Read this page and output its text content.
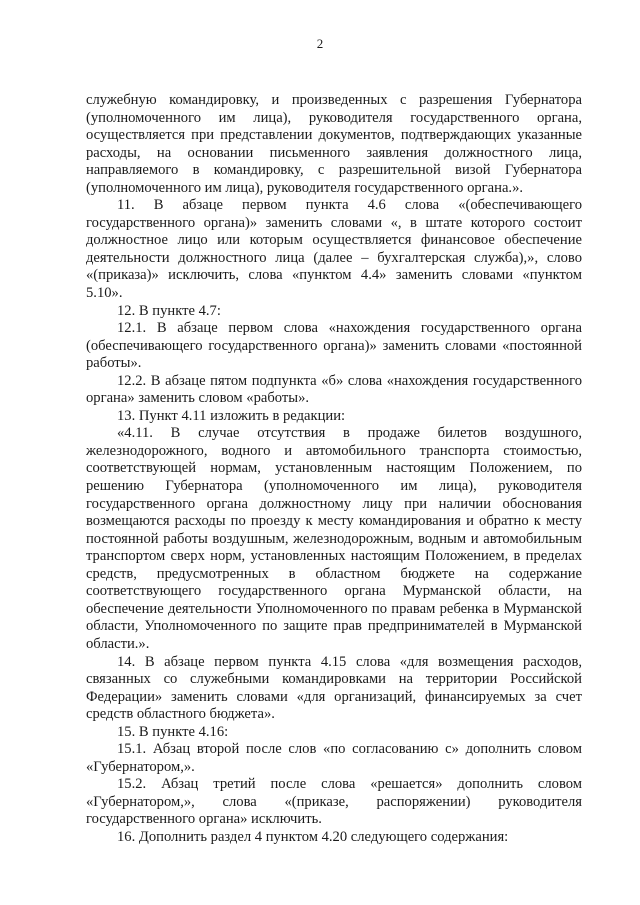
2

служебную командировку, и произведенных с разрешения Губернатора (уполномоченного им лица), руководителя государственного органа, осуществляется при представлении документов, подтверждающих указанные расходы, на основании письменного заявления должностного лица, направляемого в командировку, с разрешительной визой Губернатора (уполномоченного им лица), руководителя государственного органа.».

11. В абзаце первом пункта 4.6 слова «(обеспечивающего государственного органа)» заменить словами «, в штате которого состоит должностное лицо или которым осуществляется финансовое обеспечение деятельности должностного лица (далее – бухгалтерская служба),», слово «(приказа)» исключить, слова «пунктом 4.4» заменить словами «пунктом 5.10».

12. В пункте 4.7:

12.1. В абзаце первом слова «нахождения государственного органа (обеспечивающего государственного органа)» заменить словами «постоянной работы».

12.2. В абзаце пятом подпункта «б» слова «нахождения государственного органа» заменить словом «работы».

13. Пункт 4.11 изложить в редакции:

«4.11. В случае отсутствия в продаже билетов воздушного, железнодорожного, водного и автомобильного транспорта стоимостью, соответствующей нормам, установленным настоящим Положением, по решению Губернатора (уполномоченного им лица), руководителя государственного органа должностному лицу при наличии обоснования возмещаются расходы по проезду к месту командирования и обратно к месту постоянной работы воздушным, железнодорожным, водным и автомобильным транспортом сверх норм, установленных настоящим Положением, в пределах средств, предусмотренных в областном бюджете на содержание соответствующего государственного органа Мурманской области, на обеспечение деятельности Уполномоченного по правам ребенка в Мурманской области, Уполномоченного по защите прав предпринимателей в Мурманской области.».

14. В абзаце первом пункта 4.15 слова «для возмещения расходов, связанных со служебными командировками на территории Российской Федерации» заменить словами «для организаций, финансируемых за счет средств областного бюджета».

15. В пункте 4.16:

15.1. Абзац второй после слов «по согласованию с» дополнить словом «Губернатором,».

15.2. Абзац третий после слова «решается» дополнить словом «Губернатором,», слова «(приказе, распоряжении) руководителя государственного органа» исключить.

16. Дополнить раздел 4 пунктом 4.20 следующего содержания:
